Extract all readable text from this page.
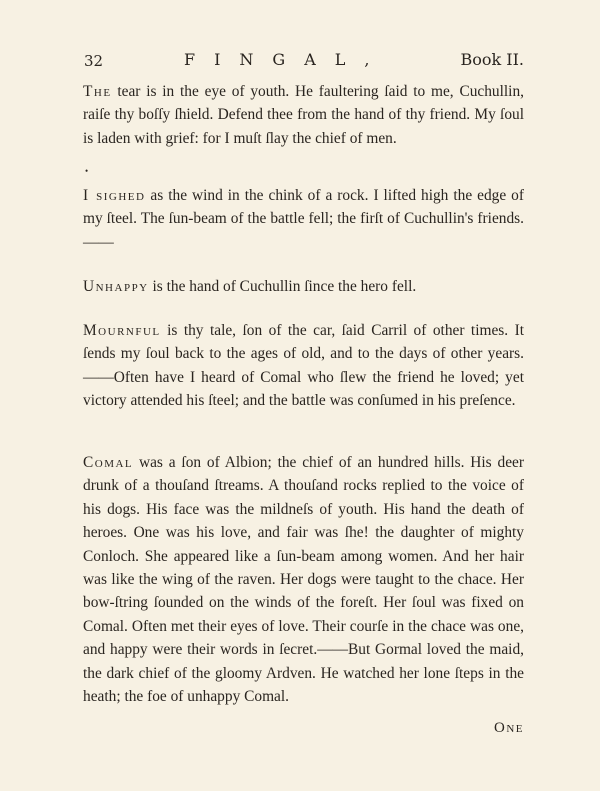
32	FINGAL,	Book II.

The tear is in the eye of youth. He faultering ſaid to me, Cuchullin, raiſe thy boſſy ſhield. Defend thee from the hand of thy friend. My ſoul is laden with grief: for I muſt ſlay the chief of men.

•

I sighed as the wind in the chink of a rock. I lifted high the edge of my ſteel. The ſun-beam of the battle fell; the firſt of Cuchullin's friends.——

Unhappy is the hand of Cuchullin ſince the hero fell.

Mournful is thy tale, ſon of the car, ſaid Carril of other times. It ſends my ſoul back to the ages of old, and to the days of other years.——Often have I heard of Comal who ſlew the friend he loved; yet victory attended his ſteel; and the battle was conſumed in his preſence.

Comal was a ſon of Albion; the chief of an hundred hills. His deer drunk of a thouſand ſtreams. A thouſand rocks replied to the voice of his dogs. His face was the mildneſs of youth. His hand the death of heroes. One was his love, and fair was ſhe! the daughter of mighty Conloch. She appeared like a ſun-beam among women. And her hair was like the wing of the raven. Her dogs were taught to the chace. Her bow-ſtring ſounded on the winds of the foreſt. Her ſoul was fixed on Comal. Often met their eyes of love. Their courſe in the chace was one, and happy were their words in ſecret.——But Gormal loved the maid, the dark chief of the gloomy Ardven. He watched her lone ſteps in the heath; the foe of unhappy Comal.

One
